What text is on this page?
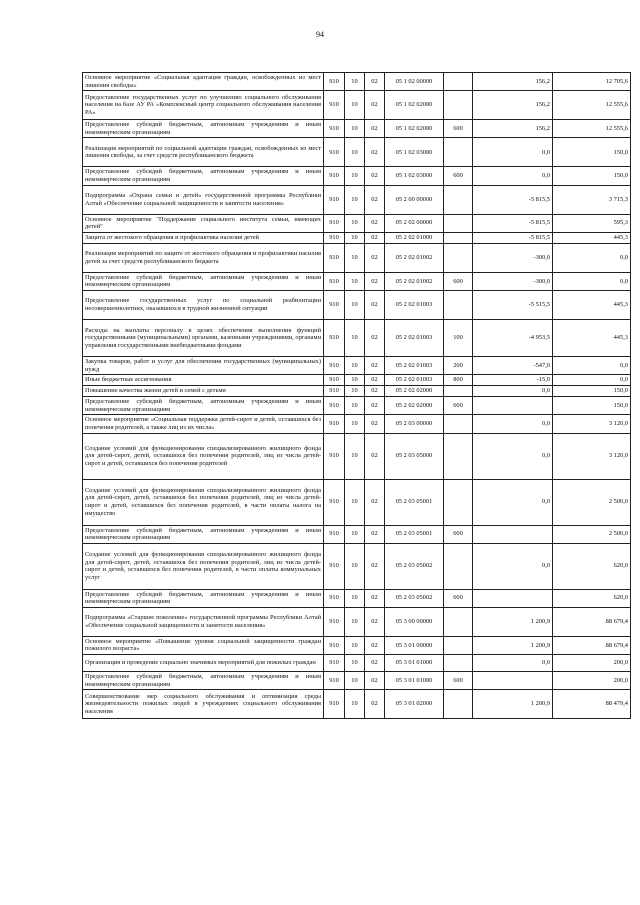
94
Основное мероприятие «Социальная адаптация граждан, освобожденных из мест лишения свободы»	910	10	02	05 1 02 00000		156,2	12 705,6
Предоставление государственных услуг по улучшению социального обслуживания населения на базе АУ РА «Комплексный центр социального обслуживания населения РА»	910	10	02	05 1 02 02000		156,2	12 555,6
Предоставление субсидий бюджетным, автономным учреждениям и иным некоммерческим организациям	910	10	02	05 1 02 02000	600	156,2	12 555,6
Реализация мероприятий по социальной адаптации граждан, освобожденных из мест лишения свободы, за счет средств республиканского бюджета	910	10	02	05 1 02 03000		0,0	150,0
Предоставление субсидий бюджетным, автономным учреждениям и иным некоммерческим организациям	910	10	02	05 1 02 03000	600	0,0	150,0
Подпрограмма «Охрана семьи и детей» государственной программы Республики Алтай «Обеспечение социальной защищенности и занятости населения»	910	10	02	05 2 00 00000		-5 815,5	3 715,3
Основное мероприятие "Поддержание социального института семьи, имеющих детей"	910	10	02	05 2 02 00000		-5 815,5	595,3
Защита от жестокого обращения и профилактика насилия детей	910	10	02	05 2 02 01000		-5 815,5	445,3
Реализация мероприятий по защите от жестокого обращения и профилактики насилия детей за счет средств республиканского бюджета	910	10	02	05 2 02 01002		-300,0	0,0
Предоставление субсидий бюджетным, автономным учреждениям и иным некоммерческим организациям	910	10	02	05 2 02 01002	600	-300,0	0,0
Предоставление государственных услуг по социальной реабилитации несовершеннолетних, оказавшихся в трудной жизненной ситуации	910	10	02	05 2 02 01003		-5 515,5	445,3
Расходы на выплаты персоналу в целях обеспечения выполнения функций государственными (муниципальными) органами, казенными учреждениями, органами управления государственными внебюджетными фондами	910	10	02	05 2 02 01003	100	-4 953,5	445,3
Закупка товаров, работ и услуг для обеспечения государственных (муниципальных) нужд	910	10	02	05 2 02 01003	200	-547,0	0,0
Иные бюджетные ассигнования	910	10	02	05 2 02 01003	800	-15,0	0,0
Повышение качества жизни детей и семей с детьми	910	10	02	05 2 02 02000		0,0	150,0
Предоставление субсидий бюджетным, автономным учреждениям и иным некоммерческим организациям	910	10	02	05 2 02 02000	600		150,0
Основное мероприятие «Социальная поддержка детей-сирот и детей, оставшихся без попечения родителей, а также лиц из их числа»	910	10	02	05 2 03 00000		0,0	3 120,0
Создание условий для функционирования специализированного жилищного фонда для детей-сирот, детей, оставшихся без попечения родителей, лиц из числа детей-сирот и детей, оставшихся без попечения родителей	910	10	02	05 2 03 05000		0,0	3 120,0
Создание условий для функционирования специализированного жилищного фонда для детей-сирот, детей, оставшихся без попечения родителей, лиц из числа детей-сирот и детей, оставшихся без попечения родителей, в части оплаты налога на имущество	910	10	02	05 2 03 05001		0,0	2 500,0
Предоставление субсидий бюджетным, автономным учреждениям и иным некоммерческим организациям	910	10	02	05 2 03 05001	600		2 500,0
Создание условий для функционирования специализированного жилищного фонда для детей-сирот, детей, оставшихся без попечения родителей, лиц из числа детей-сирот и детей, оставшихся без попечения родителей, в части оплаты коммунальных услуг	910	10	02	05 2 03 05002		0,0	620,0
Предоставление субсидий бюджетным, автономным учреждениям и иным некоммерческим организациям	910	10	02	05 2 03 05002	600		620,0
Подпрограмма «Старшее поколение» государственной программы Республики Алтай «Обеспечение социальной защищенности и занятости населения»	910	10	02	05 3 00 00000		1 200,9	88 679,4
Основное мероприятие «Повышение уровня социальной защищенности граждан пожилого возраста»	910	10	02	05 3 01 00000		1 200,9	88 679,4
Организация и проведение социально значимых мероприятий для пожилых граждан	910	10	02	05 3 01 01000		0,0	200,0
Предоставление субсидий бюджетным, автономным учреждениям и иным некоммерческим организациям	910	10	02	05 3 01 01000	600		200,0
Совершенствование мер социального обслуживания и оптимизация среды жизнедеятельности пожилых людей в учреждениях социального обслуживания населения	910	10	02	05 3 01 02000		1 200,9	88 479,4
